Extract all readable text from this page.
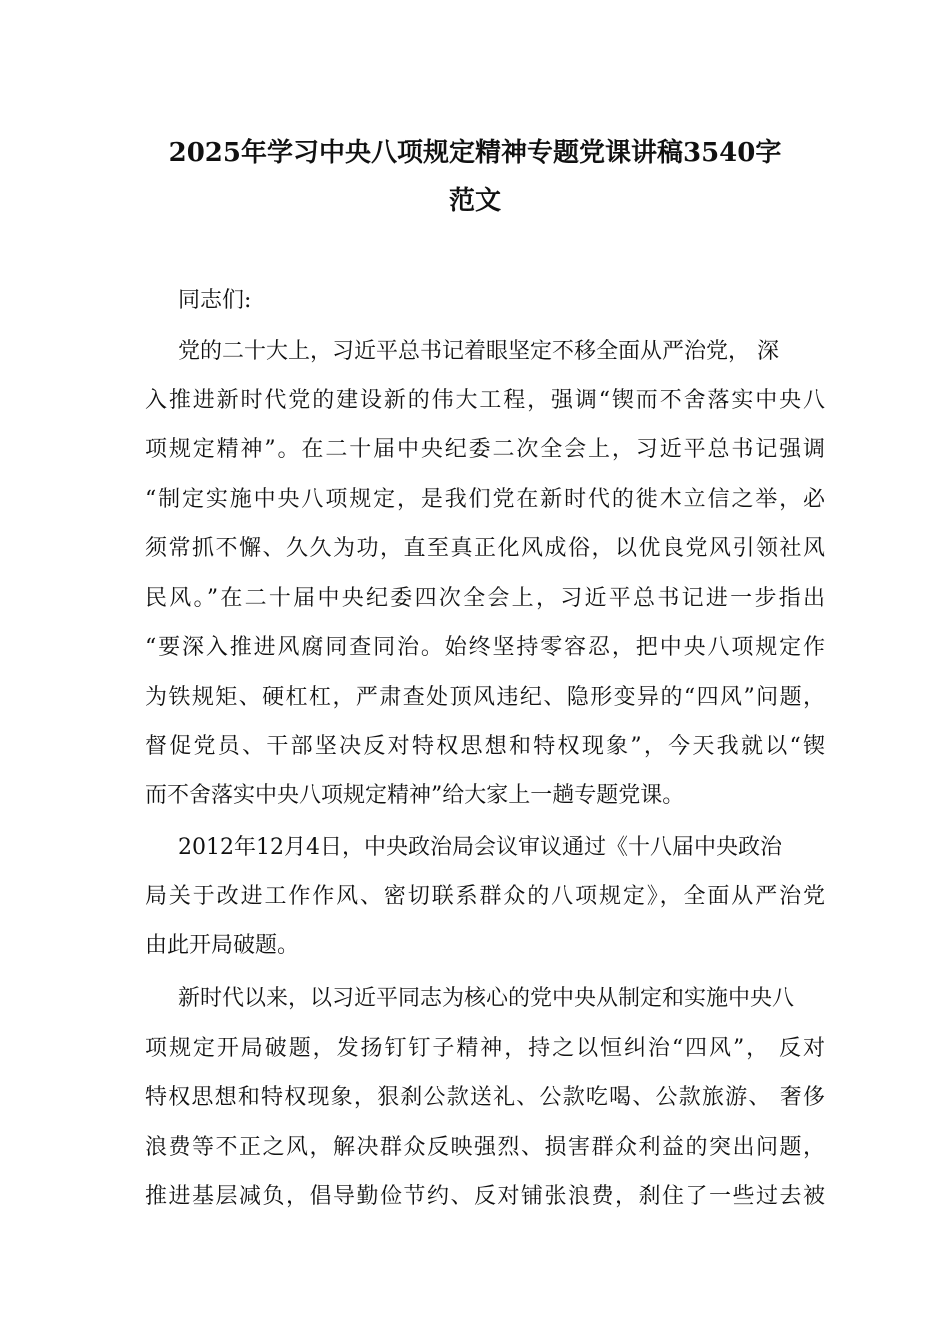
2025年学习中央八项规定精神专题党课讲稿3540字
范文
同志们:
党的二十大上，习近平总书记着眼坚定不移全面从严治党， 深
入推进新时代党的建设新的伟大工程，强调“锲而不舍落实中央八
项规定精神”。在二十届中央纪委二次全会上，习近平总书记强调
“制定实施中央八项规定，是我们党在新时代的徙木立信之举，必
须常抓不懈、久久为功，直至真正化风成俗，以优良党风引领社风
民风。”在二十届中央纪委四次全会上，习近平总书记进一步指出
“要深入推进风腐同查同治。始终坚持零容忍，把中央八项规定作
为铁规矩、硬杠杠，严肃查处顶风违纪、隐形变异的“四风”问题，
督促党员、干部坚决反对特权思想和特权现象”，今天我就以“锲
而不舍落实中央八项规定精神”给大家上一趟专题党课。
2012年12月4日，中央政治局会议审议通过《十八届中央政治
局关于改进工作作风、密切联系群众的八项规定》，全面从严治党
由此开局破题。
新时代以来，以习近平同志为核心的党中央从制定和实施中央八
项规定开局破题，发扬钉钉子精神，持之以恒纠治“四风”， 反对
特权思想和特权现象，狠刹公款送礼、公款吃喝、公款旅游、 奢侈
浪费等不正之风，解决群众反映强烈、损害群众利益的突出问题，
推进基层减负，倡导勤俭节约、反对铺张浪费，刹住了一些过去被
